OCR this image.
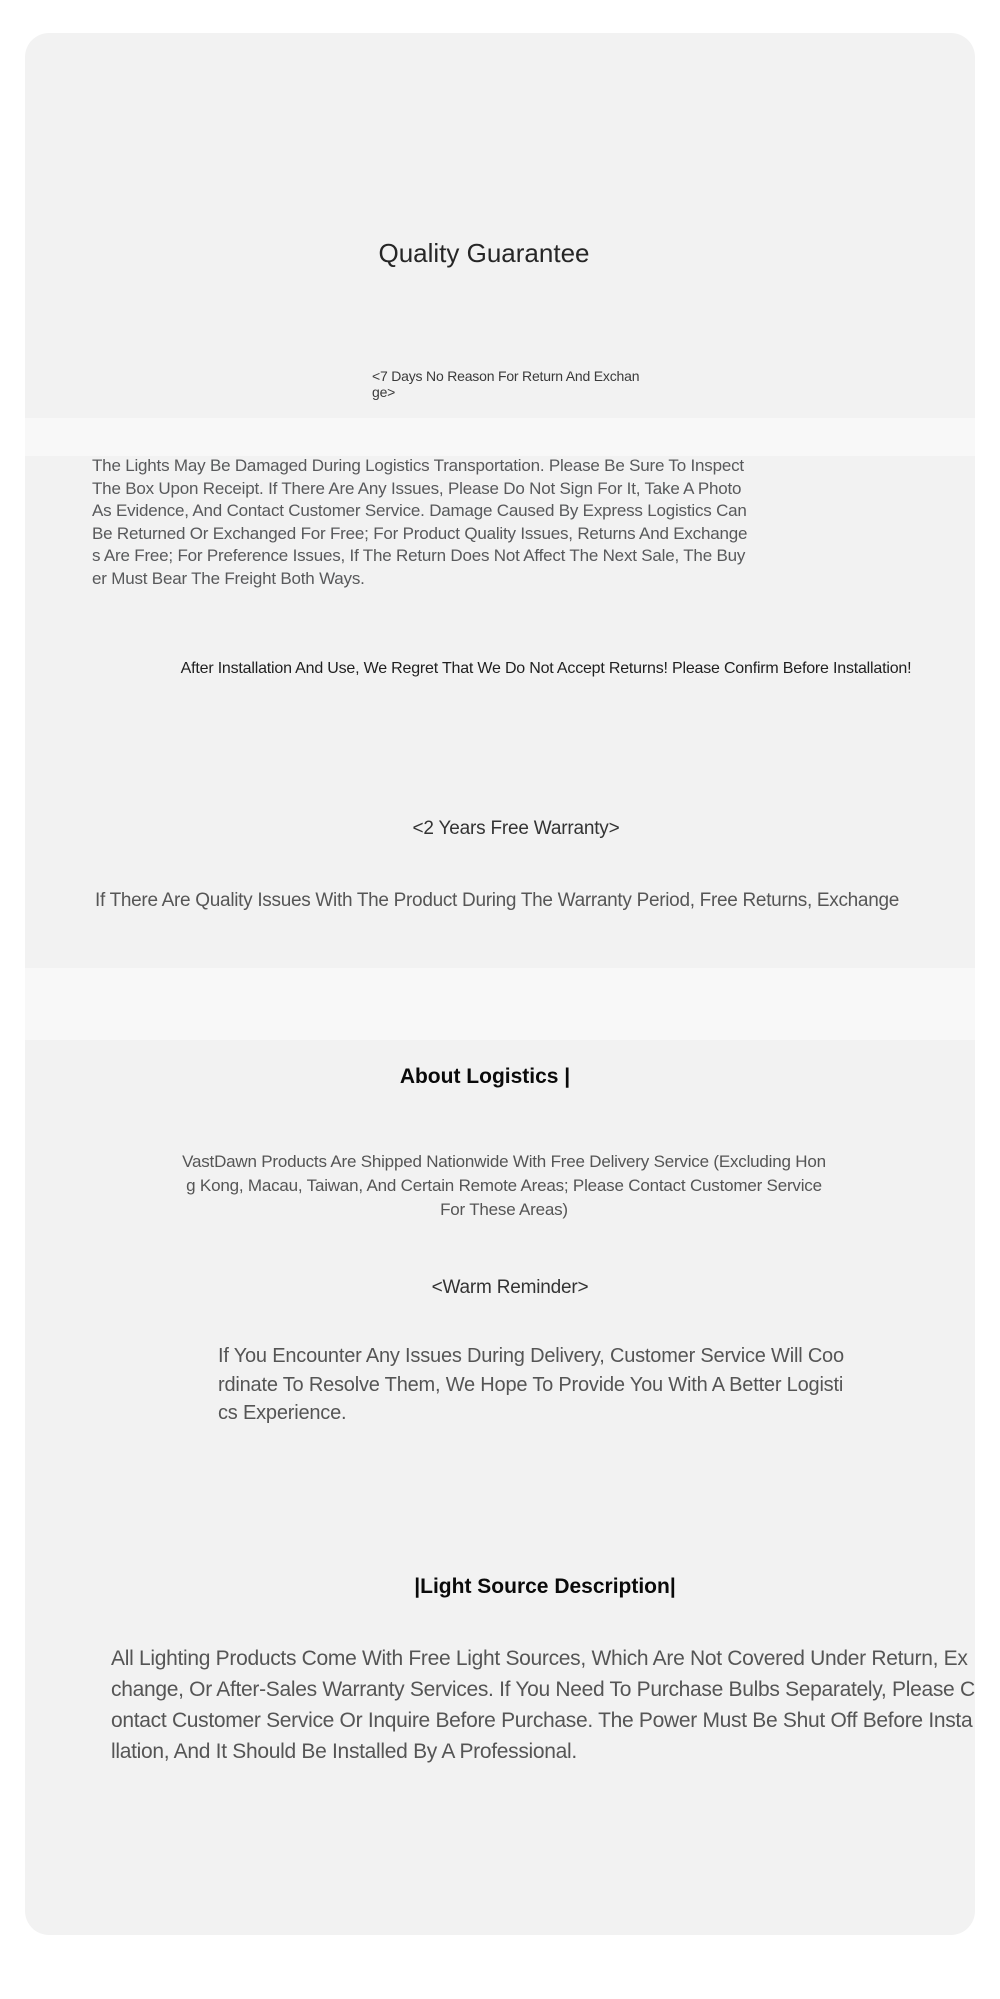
Quality Guarantee
<7 Days No Reason For Return And Exchange>
The Lights May Be Damaged During Logistics Transportation. Please Be Sure To Inspect The Box Upon Receipt. If There Are Any Issues, Please Do Not Sign For It, Take A Photo As Evidence, And Contact Customer Service. Damage Caused By Express Logistics Can Be Returned Or Exchanged For Free; For Product Quality Issues, Returns And Exchanges Are Free; For Preference Issues, If The Return Does Not Affect The Next Sale, The Buyer Must Bear The Freight Both Ways.
After Installation And Use, We Regret That We Do Not Accept Returns! Please Confirm Before Installation!
<2 Years Free Warranty>
If There Are Quality Issues With The Product During The Warranty Period, Free Returns, Exchange
About Logistics |
VastDawn Products Are Shipped Nationwide With Free Delivery Service (Excluding Hong Kong, Macau, Taiwan, And Certain Remote Areas; Please Contact Customer Service For These Areas)
<Warm Reminder>
If You Encounter Any Issues During Delivery, Customer Service Will Coordinate To Resolve Them, We Hope To Provide You With A Better Logistics Experience.
|Light Source Description|
All Lighting Products Come With Free Light Sources, Which Are Not Covered Under Return, Exchange, Or After-Sales Warranty Services. If You Need To Purchase Bulbs Separately, Please Contact Customer Service Or Inquire Before Purchase. The Power Must Be Shut Off Before Installation, And It Should Be Installed By A Professional.
